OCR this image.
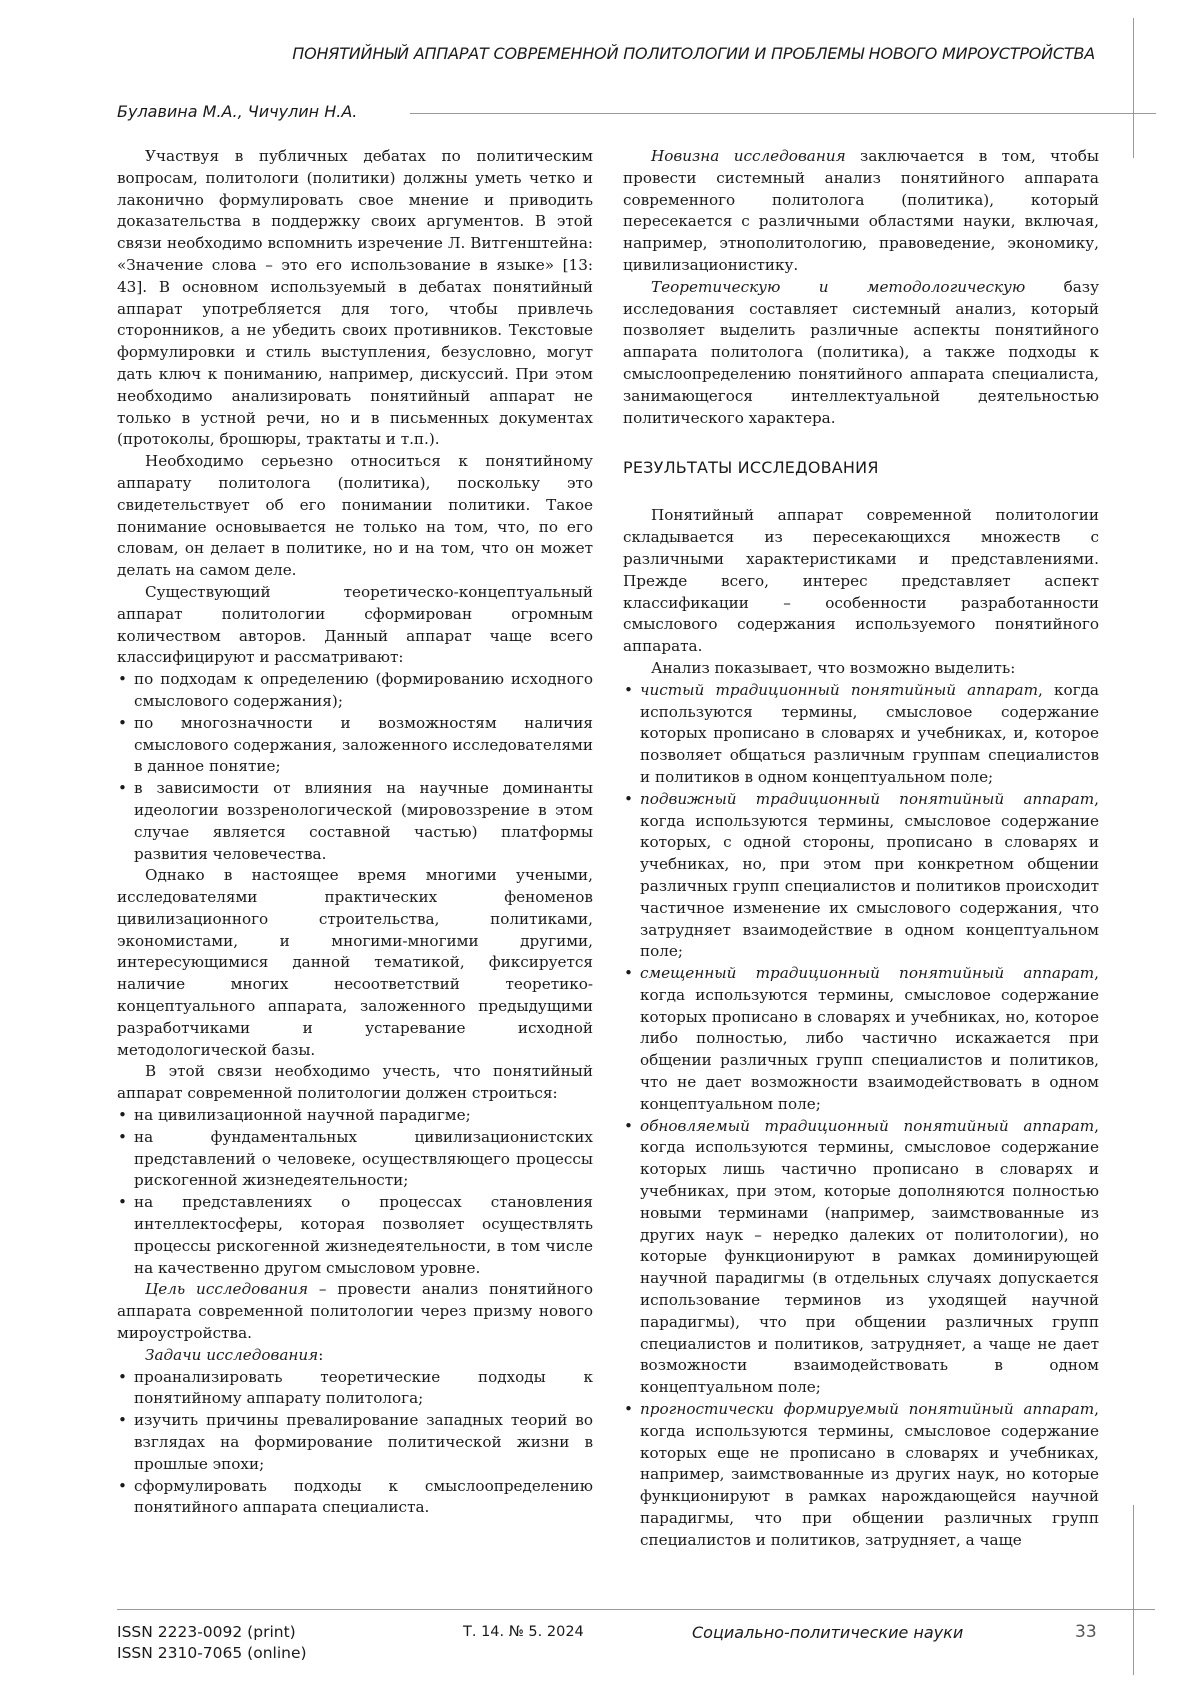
ПОНЯТИЙНЫЙ АППАРАТ СОВРЕМЕННОЙ ПОЛИТОЛОГИИ И ПРОБЛЕМЫ НОВОГО МИРОУСТРОЙСТВА
Булавина М.А., Чичулин Н.А.

Участвуя в публичных дебатах по политическим вопросам, политологи (политики) должны уметь четко и лаконично формулировать свое мнение и приводить доказательства в поддержку своих аргументов. В этой связи необходимо вспомнить изречение Л. Витгенштейна: «Значение слова – это его использование в языке» [13: 43]. В основном используемый в дебатах понятийный аппарат употребляется для того, чтобы привлечь сторонников, а не убедить своих противников. Текстовые формулировки и стиль выступления, безусловно, могут дать ключ к пониманию, например, дискуссий. При этом необходимо анализировать понятийный аппарат не только в устной речи, но и в письменных документах (протоколы, брошюры, трактаты и т.п.).

Необходимо серьезно относиться к понятийному аппарату политолога (политика), поскольку это свидетельствует об его понимании политики. Такое понимание основывается не только на том, что, по его словам, он делает в политике, но и на том, что он может делать на самом деле.

Существующий теоретическо-концептуальный аппарат политологии сформирован огромным количеством авторов. Данный аппарат чаще всего классифицируют и рассматривают:

• по подходам к определению (формированию исходного смыслового содержания);
• по многозначности и возможностям наличия смыслового содержания, заложенного исследователями в данное понятие;
• в зависимости от влияния на научные доминанты идеологии воззренологической (мировоззрение в этом случае является составной частью) платформы развития человечества.

Однако в настоящее время многими учеными, исследователями практических феноменов цивилизационного строительства, политиками, экономистами, и многими-многими другими, интересующимися данной тематикой, фиксируется наличие многих несоответствий теоретико-концептуального аппарата, заложенного предыдущими разработчиками и устаревание исходной методологической базы.

В этой связи необходимо учесть, что понятийный аппарат современной политологии должен строиться:

• на цивилизационной научной парадигме;
• на фундаментальных цивилизационистских представлений о человеке, осуществляющего процессы рискогенной жизнедеятельности;
• на представлениях о процессах становления интеллектосферы, которая позволяет осуществлять процессы рискогенной жизнедеятельности, в том числе на качественно другом смысловом уровне.

Цель исследования – провести анализ понятийного аппарата современной политологии через призму нового мироустройства.

Задачи исследования:

• проанализировать теоретические подходы к понятийному аппарату политолога;
• изучить причины превалирование западных теорий во взглядах на формирование политической жизни в прошлые эпохи;
• сформулировать подходы к смыслоопределению понятийного аппарата специалиста.

Новизна исследования заключается в том, чтобы провести системный анализ понятийного аппарата современного политолога (политика), который пересекается с различными областями науки, включая, например, этнополитологию, правоведение, экономику, цивилизационистику.

Теоретическую и методологическую базу исследования составляет системный анализ, который позволяет выделить различные аспекты понятийного аппарата политолога (политика), а также подходы к смыслоопределению понятийного аппарата специалиста, занимающегося интеллектуальной деятельностью политического характера.

РЕЗУЛЬТАТЫ ИССЛЕДОВАНИЯ

Понятийный аппарат современной политологии складывается из пересекающихся множеств с различными характеристиками и представлениями. Прежде всего, интерес представляет аспект классификации – особенности разработанности смыслового содержания используемого понятийного аппарата.

Анализ показывает, что возможно выделить:

• чистый традиционный понятийный аппарат, когда используются термины, смысловое содержание которых прописано в словарях и учебниках, и, которое позволяет общаться различным группам специалистов и политиков в одном концептуальном поле;
• подвижный традиционный понятийный аппарат, когда используются термины, смысловое содержание которых, с одной стороны, прописано в словарях и учебниках, но, при этом при конкретном общении различных групп специалистов и политиков происходит частичное изменение их смыслового содержания, что затрудняет взаимодействие в одном концептуальном поле;
• смещенный традиционный понятийный аппарат, когда используются термины, смысловое содержание которых прописано в словарях и учебниках, но, которое либо полностью, либо частично искажается при общении различных групп специалистов и политиков, что не дает возможности взаимодействовать в одном концептуальном поле;
• обновляемый традиционный понятийный аппарат, когда используются термины, смысловое содержание которых лишь частично прописано в словарях и учебниках, при этом, которые дополняются полностью новыми терминами (например, заимствованные из других наук – нередко далеких от политологии), но которые функционируют в рамках доминирующей научной парадигмы (в отдельных случаях допускается использование терминов из уходящей научной парадигмы), что при общении различных групп специалистов и политиков, затрудняет, а чаще не дает возможности взаимодействовать в одном концептуальном поле;
• прогностически формируемый понятийный аппарат, когда используются термины, смысловое содержание которых еще не прописано в словарях и учебниках, например, заимствованные из других наук, но которые функционируют в рамках нарождающейся научной парадигмы, что при общении различных групп специалистов и политиков, затрудняет, а чаще
ISSN 2223-0092 (print)
ISSN 2310-7065 (online)
Т. 14. № 5. 2024	Социально-политические науки	33
